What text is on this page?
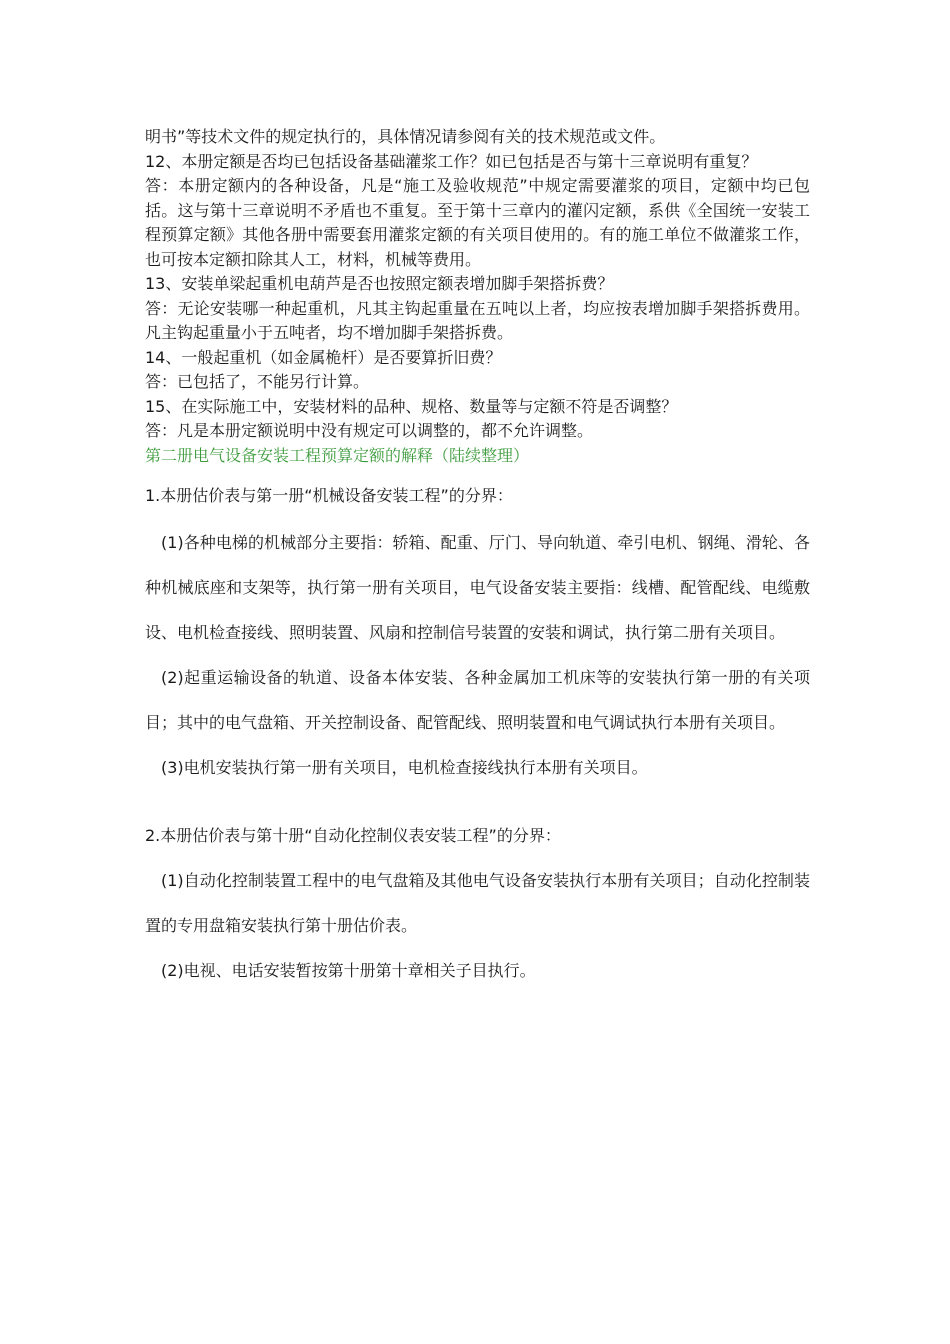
明书”等技术文件的规定执行的，具体情况请参阅有关的技术规范或文件。

12、本册定额是否均已包括设备基础灌浆工作？如已包括是否与第十三章说明有重复？

答：本册定额内的各种设备，凡是“施工及验收规范”中规定需要灌浆的项目，定额中均已包括。这与第十三章说明不矛盾也不重复。至于第十三章内的灌闪定额，系供《全国统一安装工程预算定额》其他各册中需要套用灌浆定额的有关项目使用的。有的施工单位不做灌浆工作，也可按本定额扣除其人工，材料，机械等费用。

13、安装单梁起重机电葫芦是否也按照定额表增加脚手架搭拆费？

答：无论安装哪一种起重机，凡其主钩起重量在五吨以上者，均应按表增加脚手架搭拆费用。凡主钩起重量小于五吨者，均不增加脚手架搭拆费。

14、一般起重机（如金属桅杆）是否要算折旧费？

答：已包括了，不能另行计算。

15、在实际施工中，安装材料的品种、规格、数量等与定额不符是否调整？

答：凡是本册定额说明中没有规定可以调整的，都不允许调整。

第二册电气设备安装工程预算定额的解释（陆续整理）

1.本册估价表与第一册“机械设备安装工程”的分界：

(1)各种电梯的机械部分主要指：轿箱、配重、厅门、导向轨道、牵引电机、钢绳、滑轮、各种机械底座和支架等，执行第一册有关项目，电气设备安装主要指：线槽、配管配线、电缆敷设、电机检查接线、照明装置、风扇和控制信号装置的安装和调试，执行第二册有关项目。

(2)起重运输设备的轨道、设备本体安装、各种金属加工机床等的安装执行第一册的有关项目；其中的电气盘箱、开关控制设备、配管配线、照明装置和电气调试执行本册有关项目。

(3)电机安装执行第一册有关项目，电机检查接线执行本册有关项目。

2.本册估价表与第十册“自动化控制仪表安装工程”的分界：

(1)自动化控制装置工程中的电气盘箱及其他电气设备安装执行本册有关项目；自动化控制装置的专用盘箱安装执行第十册估价表。

(2)电视、电话安装暂按第十册第十章相关子目执行。
